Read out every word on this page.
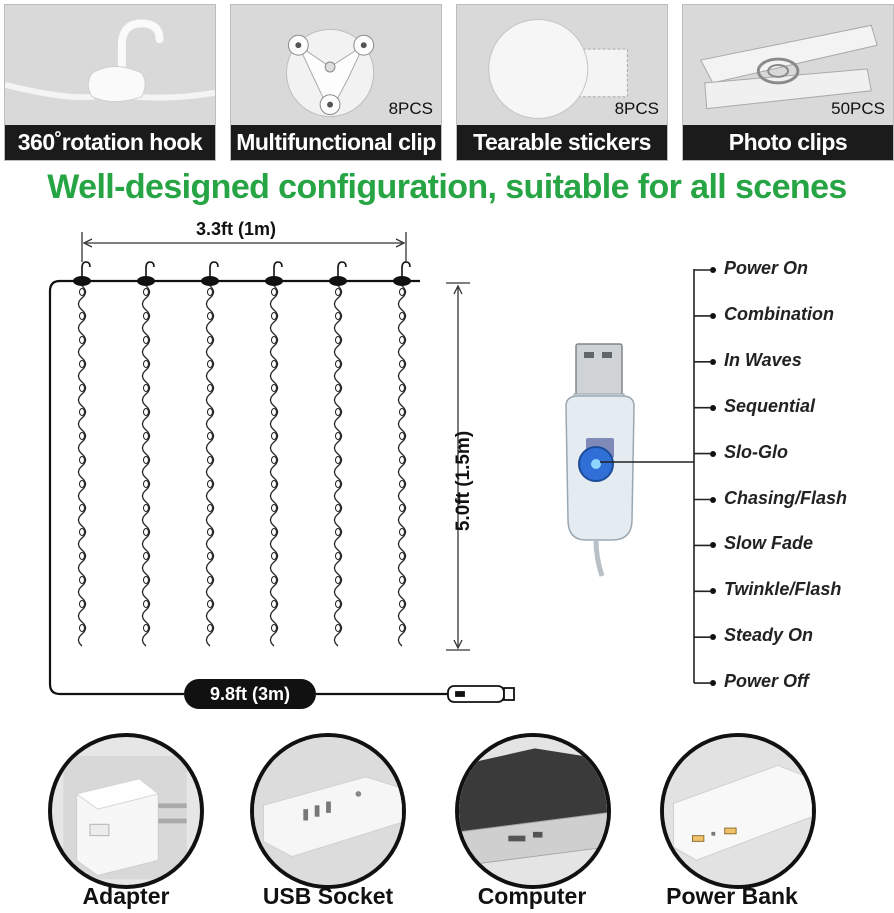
360˚rotation hook
8PCS
Multifunctional clip
8PCS
Tearable stickers
50PCS
Photo clips
Well-designed configuration, suitable for all scenes
3.3ft (1m)
5.0ft (1.5m)
9.8ft (3m)
Power On
Combination
In Waves
Sequential
Slo-Glo
Chasing/Flash
Slow Fade
Twinkle/Flash
Steady On
Power Off
Adapter	USB Socket	Computer	Power Bank
